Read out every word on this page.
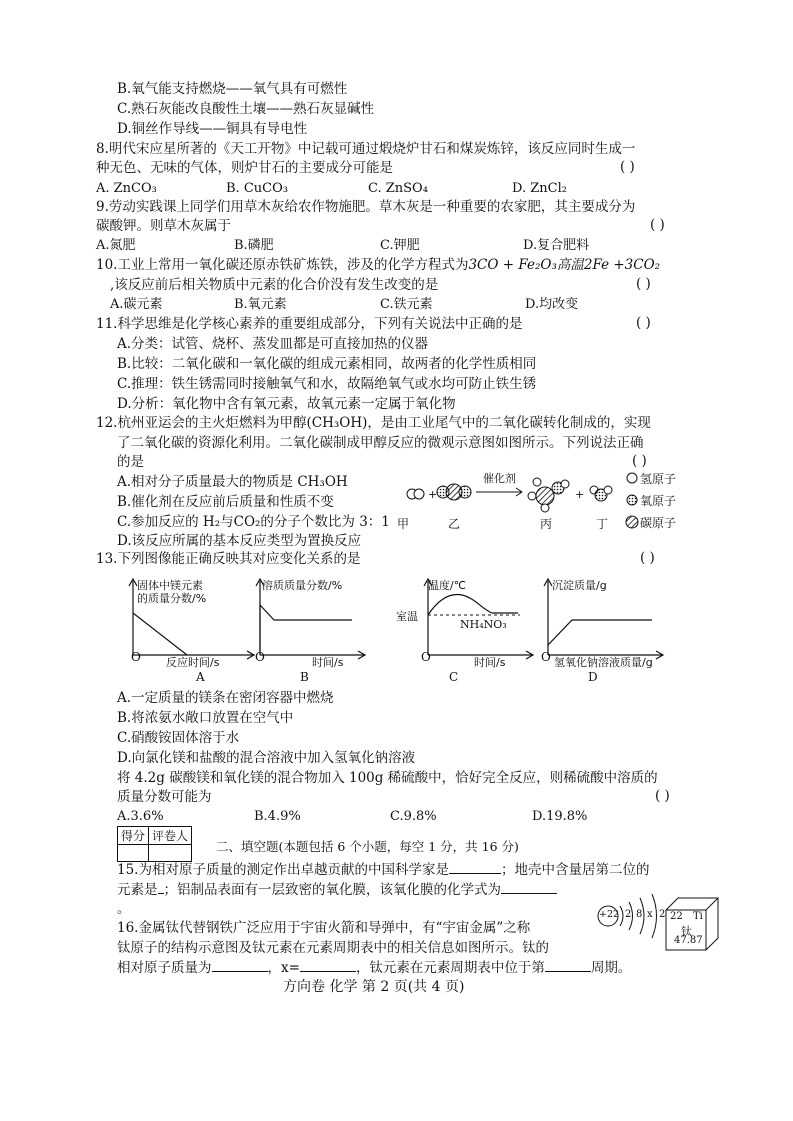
B.氧气能支持燃烧——氧气具有可燃性
C.熟石灰能改良酸性土壤——熟石灰显碱性
D.铜丝作导线——铜具有导电性
8.明代宋应星所著的《天工开物》中记载可通过煅烧炉甘石和煤炭炼锌，该反应同时生成一
种无色、无味的气体，则炉甘石的主要成分可能是	( )
A. ZnCO₃	B. CuCO₃	C. ZnSO₄	D. ZnCl₂
9.劳动实践课上同学们用草木灰给农作物施肥。草木灰是一种重要的农家肥，其主要成分为
碳酸钾。则草木灰属于	( )
A.氮肥	B.磷肥	C.钾肥	D.复合肥料
10.工业上常用一氧化碳还原赤铁矿炼铁，涉及的化学方程式为3CO + Fe₂O₃高温2Fe +3CO₂
,该反应前后相关物质中元素的化合价没有发生改变的是	( )
A.碳元素	B.氧元素	C.铁元素	D.均改变
11.科学思维是化学核心素养的重要组成部分，下列有关说法中正确的是	( )
A.分类：试管、烧杯、蒸发皿都是可直接加热的仪器
B.比较：二氧化碳和一氧化碳的组成元素相同，故两者的化学性质相同
C.推理：铁生锈需同时接触氧气和水，故隔绝氧气或水均可防止铁生锈
D.分析：氧化物中含有氧元素，故氧元素一定属于氧化物
12.杭州亚运会的主火炬燃料为甲醇(CH₃OH)，是由工业尾气中的二氧化碳转化制成的，实现
了二氧化碳的资源化利用。二氧化碳制成甲醇反应的微观示意图如图所示。下列说法正确
的是	( )
A.相对分子质量最大的物质是 CH₃OH
B.催化剂在反应前后质量和性质不变
C.参加反应的 H₂与CO₂的分子个数比为 3：1
D.该反应所属的基本反应类型为置换反应
+	+
催化剂
甲	乙	丙	丁
氢原子
氧原子
碳原子
13.下列图像能正确反映其对应变化关系的是	( )
固体中镁元素
的质量分数/%
O 反应时间/s
A
溶质质量分数/%
O	时间/s
B
温度/℃
室温
NH₄NO₃
O	时间/s
C
沉淀质量/g
O 氢氧化钠溶液质量/g
D
A.一定质量的镁条在密闭容器中燃烧
B.将浓氨水敞口放置在空气中
C.硝酸铵固体溶于水
D.向氯化镁和盐酸的混合溶液中加入氢氧化钠溶液
将 4.2g 碳酸镁和氧化镁的混合物加入 100g 稀硫酸中，恰好完全反应，则稀硫酸中溶质的
质量分数可能为	( )
A.3.6%	B.4.9%	C.9.8%	D.19.8%
得分	评卷人

二、填空题(本题包括 6 个小题，每空 1 分，共 16 分)
15.为相对原子质量的测定作出卓越贡献的中国科学家是	；地壳中含量居第二位的
元素是 ；铝制品表面有一层致密的氧化膜，该氧化膜的化学式为
。
16.金属钛代替钢铁广泛应用于宇宙火箭和导弹中，有“宇宙金属”之称
钛原子的结构示意图及钛元素在元素周期表中的相关信息如图所示。钛的
相对原子质量为	，x=	，钛元素在元素周期表中位于第	周期。
+22 2 8 x 2 22 Ti
钛
47.87
方向卷 化学 第 2 页(共 4 页)
